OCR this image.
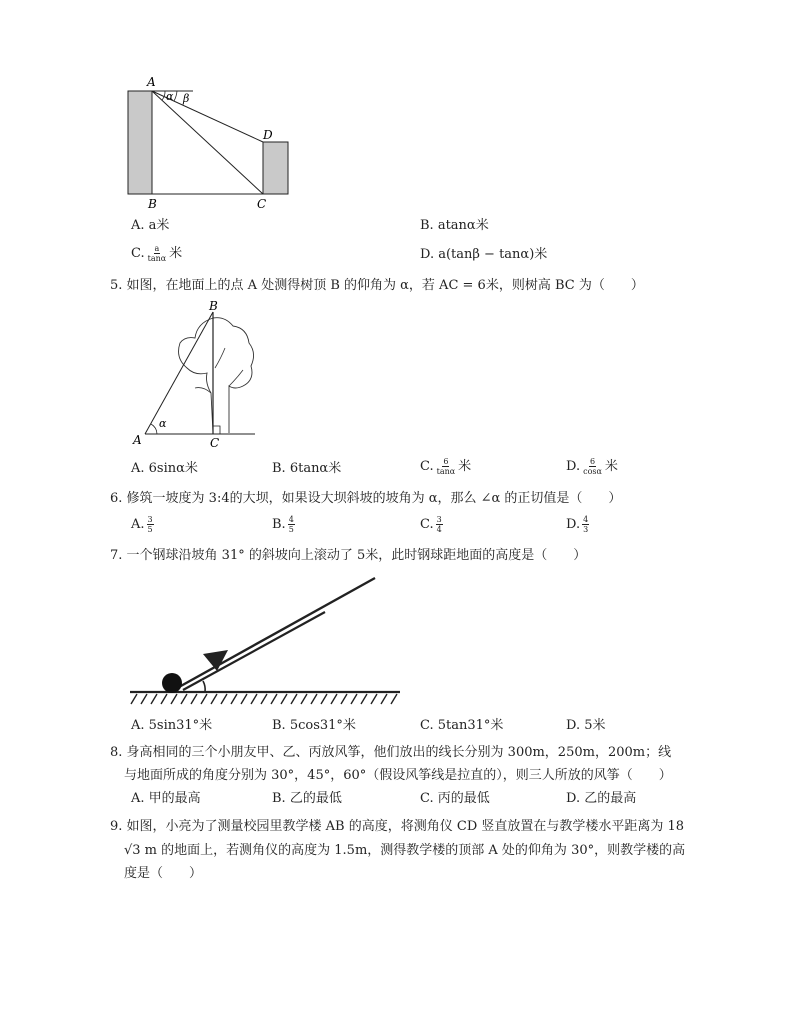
A
α β
B	C
D
A. a米	B. atanα米
C. $\frac{a}{\tan\alpha}$ 米	D. a(tanβ − tanα)米
5. 如图，在地面上的点 A 处测得树顶 B 的仰角为 α，若 AC = 6米，则树高 BC 为（　　）
B
α
A	C
A. 6sinα米	B. 6tanα米	C. $\frac{6}{\tan\alpha}$ 米	D. $\frac{6}{\cos\alpha}$ 米
6. 修筑一坡度为 3:4的大坝，如果设大坝斜坡的坡角为 α，那么 ∠α 的正切值是（　　）
A. $\frac{3}{5}$	B. $\frac{4}{5}$	C. $\frac{3}{4}$	D. $\frac{4}{3}$
7. 一个钢球沿坡角 31° 的斜坡向上滚动了 5米，此时钢球距地面的高度是（　　）
A. 5sin31°米	B. 5cos31°米	C. 5tan31°米	D. 5米
8. 身高相同的三个小朋友甲、乙、丙放风筝，他们放出的线长分别为 300m，250m，200m；线
与地面所成的角度分别为 30°，45°，60°（假设风筝线是拉直的），则三人所放的风筝（　　）
A. 甲的最高	B. 乙的最低	C. 丙的最低	D. 乙的最高
9. 如图，小亮为了测量校园里教学楼 AB 的高度，将测角仪 CD 竖直放置在与教学楼水平距离为 18
√3 m 的地面上，若测角仪的高度为 1.5m，测得教学楼的顶部 A 处的仰角为 30°，则教学楼的高
度是（　　）
